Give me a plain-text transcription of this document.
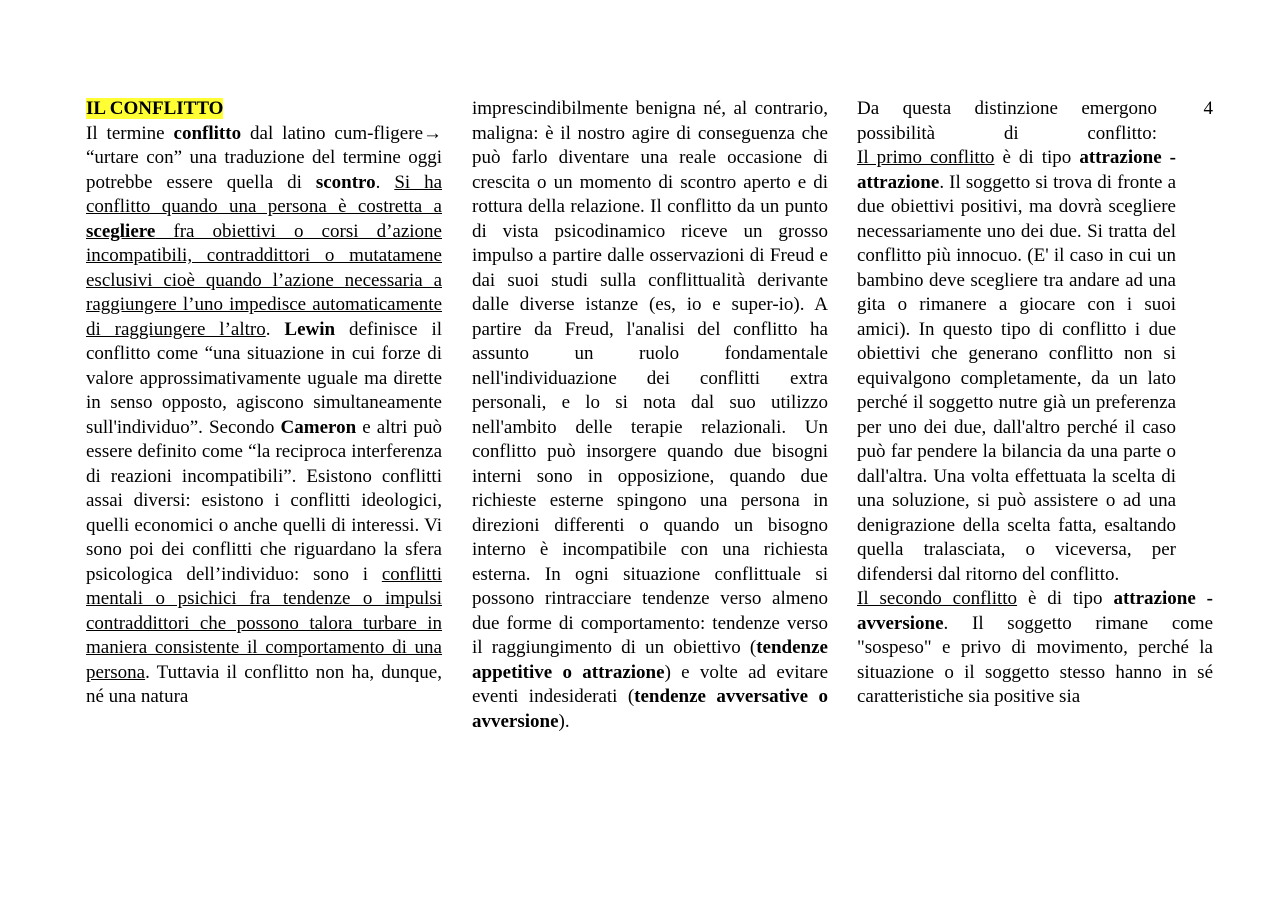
IL CONFLITTO
Il termine conflitto dal latino cum-fligere→ “urtare con” una traduzione del termine oggi potrebbe essere quella di scontro. Si ha conflitto quando una persona è costretta a scegliere fra obiettivi o corsi d’azione incompatibili, contraddittori o mutatamene esclusivi cioè quando l’azione necessaria a raggiungere l’uno impedisce automaticamente di raggiungere l’altro. Lewin definisce il conflitto come “una situazione in cui forze di valore approssimativamente uguale ma dirette in senso opposto, agiscono simultaneamente sull'individuo”. Secondo Cameron e altri può essere definito come “la reciproca interferenza di reazioni incompatibili”. Esistono conflitti assai diversi: esistono i conflitti ideologici, quelli economici o anche quelli di interessi. Vi sono poi dei conflitti che riguardano la sfera psicologica dell’individuo: sono i conflitti mentali o psichici fra tendenze o impulsi contraddittori che possono talora turbare in maniera consistente il comportamento di una persona. Tuttavia il conflitto non ha, dunque, né una natura

imprescindibilmente benigna né, al contrario, maligna: è il nostro agire di conseguenza che può farlo diventare una reale occasione di crescita o un momento di scontro aperto e di rottura della relazione. Il conflitto da un punto di vista psicodinamico riceve un grosso impulso a partire dalle osservazioni di Freud e dai suoi studi sulla conflittualità derivante dalle diverse istanze (es, io e super-io). A partire da Freud, l'analisi del conflitto ha assunto un ruolo fondamentale nell'individuazione dei conflitti extra personali, e lo si nota dal suo utilizzo nell'ambito delle terapie relazionali. Un conflitto può insorgere quando due bisogni interni sono in opposizione, quando due richieste esterne spingono una persona in direzioni differenti o quando un bisogno interno è incompatibile con una richiesta esterna. In ogni situazione conflittuale si possono rintracciare tendenze verso almeno due forme di comportamento: tendenze verso il raggiungimento di un obiettivo (tendenze appetitive o attrazione) e volte ad evitare eventi indesiderati (tendenze avversative o avversione).

Da questa distinzione emergono possibilità di conflitto:

4

Il primo conflitto è di tipo attrazione - attrazione. Il soggetto si trova di fronte a due obiettivi positivi, ma dovrà scegliere necessariamente uno dei due. Si tratta del conflitto più innocuo. (E' il caso in cui un bambino deve scegliere tra andare ad una gita o rimanere a giocare con i suoi amici). In questo tipo di conflitto i due obiettivi che generano conflitto non si equivalgono completamente, da un lato perché il soggetto nutre già un preferenza per uno dei due, dall'altro perché il caso può far pendere la bilancia da una parte o dall'altra. Una volta effettuata la scelta di una soluzione, si può assistere o ad una denigrazione della scelta fatta, esaltando quella tralasciata, o viceversa, per difendersi dal ritorno del conflitto.

Il secondo conflitto è di tipo attrazione - avversione. Il soggetto rimane come "sospeso" e privo di movimento, perché la situazione o il soggetto stesso hanno in sé caratteristiche sia positive sia
